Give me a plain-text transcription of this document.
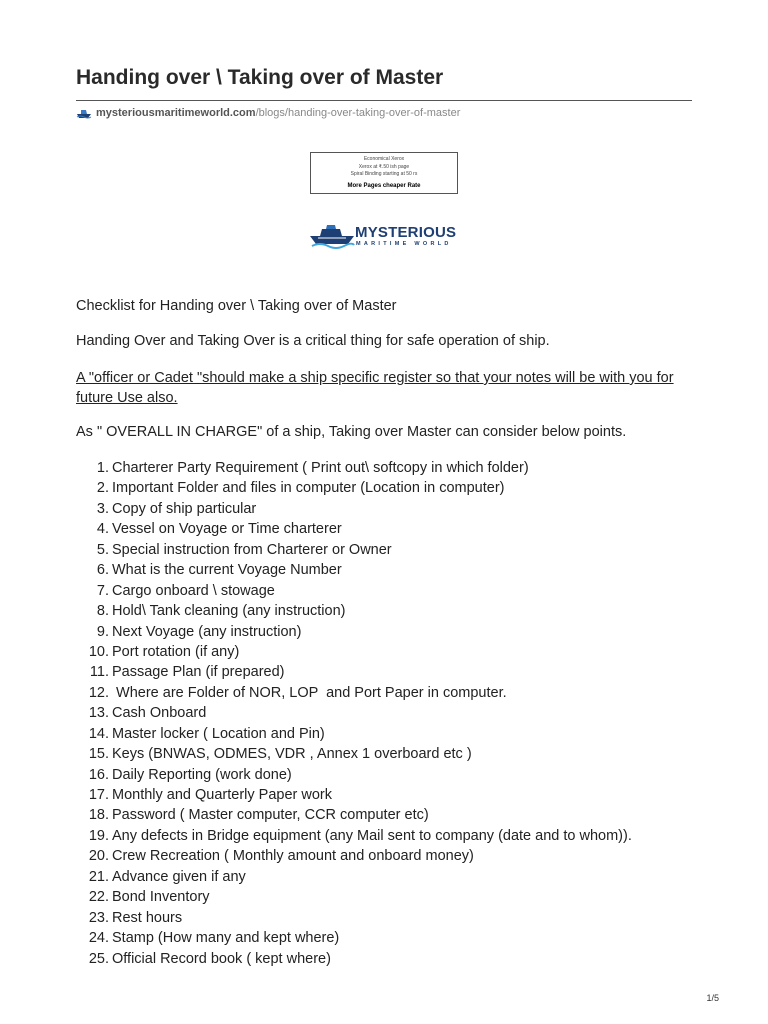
Handing over \ Taking over of Master
mysteriousmaritimeworld.com /blogs/handing-over-taking-over-of-master
Economical Xerox
Xerox at ₹.50 ish page
Spiral Binding starting at 50 rs
More Pages cheaper Rate
MYSTERIOUS
MARITIME WORLD
Checklist for Handing over \ Taking over of Master
Handing Over and Taking Over is a critical thing for safe operation of ship.
A "officer or Cadet "should make a ship specific register so that your notes will be with you for future Use also.
As " OVERALL IN CHARGE" of a ship, Taking over Master can consider below points.
1. Charterer Party Requirement ( Print out\ softcopy in which folder)
2. Important Folder and files in computer (Location in computer)
3. Copy of ship particular
4. Vessel on Voyage or Time charterer
5. Special instruction from Charterer or Owner
6. What is the current Voyage Number
7. Cargo onboard \ stowage
8. Hold\ Tank cleaning (any instruction)
9. Next Voyage (any instruction)
10. Port rotation (if any)
11. Passage Plan (if prepared)
12. Where are Folder of NOR, LOP  and Port Paper in computer.
13. Cash Onboard
14. Master locker ( Location and Pin)
15. Keys (BNWAS, ODMES, VDR , Annex 1 overboard etc )
16. Daily Reporting (work done)
17. Monthly and Quarterly Paper work
18. Password ( Master computer, CCR computer etc)
19. Any defects in Bridge equipment (any Mail sent to company (date and to whom)).
20. Crew Recreation ( Monthly amount and onboard money)
21. Advance given if any
22. Bond Inventory
23. Rest hours
24. Stamp (How many and kept where)
25. Official Record book ( kept where)
1/5
